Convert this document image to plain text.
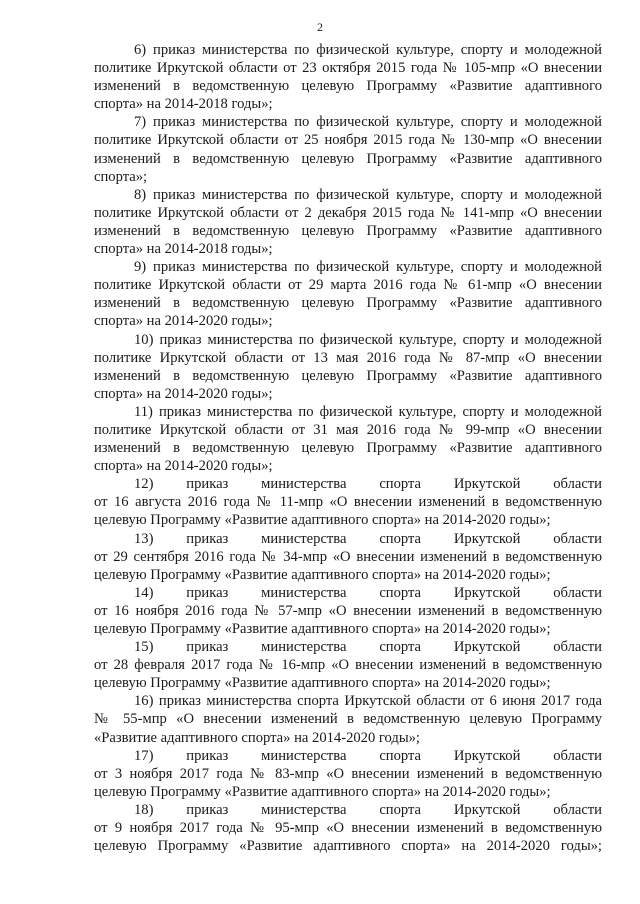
2
6) приказ министерства по физической культуре, спорту и молодежной
политике Иркутской области от 23 октября 2015 года № 105-мпр «О внесении
изменений в ведомственную целевую Программу «Развитие адаптивного
спорта» на 2014-2018 годы»;
7) приказ министерства по физической культуре, спорту и молодежной
политике Иркутской области от 25 ноября 2015 года № 130-мпр «О внесении
изменений в ведомственную целевую Программу «Развитие адаптивного
спорта»;
8) приказ министерства по физической культуре, спорту и молодежной
политике Иркутской области от 2 декабря 2015 года № 141-мпр «О внесении
изменений в ведомственную целевую Программу «Развитие адаптивного
спорта» на 2014-2018 годы»;
9) приказ министерства по физической культуре, спорту и молодежной
политике Иркутской области от 29 марта 2016 года № 61-мпр «О внесении
изменений в ведомственную целевую Программу «Развитие адаптивного
спорта» на 2014-2020 годы»;
10) приказ министерства по физической культуре, спорту и молодежной
политике Иркутской области от 13 мая 2016 года № 87-мпр «О внесении
изменений в ведомственную целевую Программу «Развитие адаптивного
спорта» на 2014-2020 годы»;
11) приказ министерства по физической культуре, спорту и молодежной
политике Иркутской области от 31 мая 2016 года № 99-мпр «О внесении
изменений в ведомственную целевую Программу «Развитие адаптивного
спорта» на 2014-2020 годы»;
12) приказ министерства спорта Иркутской области
от 16 августа 2016 года № 11-мпр «О внесении изменений в ведомственную
целевую Программу «Развитие адаптивного спорта» на 2014-2020 годы»;
13) приказ министерства спорта Иркутской области
от 29 сентября 2016 года № 34-мпр «О внесении изменений в ведомственную
целевую Программу «Развитие адаптивного спорта» на 2014-2020 годы»;
14) приказ министерства спорта Иркутской области
от 16 ноября 2016 года № 57-мпр «О внесении изменений в ведомственную
целевую Программу «Развитие адаптивного спорта» на 2014-2020 годы»;
15) приказ министерства спорта Иркутской области
от 28 февраля 2017 года № 16-мпр «О внесении изменений в ведомственную
целевую Программу «Развитие адаптивного спорта» на 2014-2020 годы»;
16) приказ министерства спорта Иркутской области от 6 июня 2017 года
№ 55-мпр «О внесении изменений в ведомственную целевую Программу
«Развитие адаптивного спорта» на 2014-2020 годы»;
17) приказ министерства спорта Иркутской области
от 3 ноября 2017 года № 83-мпр «О внесении изменений в ведомственную
целевую Программу «Развитие адаптивного спорта» на 2014-2020 годы»;
18) приказ министерства спорта Иркутской области
от 9 ноября 2017 года № 95-мпр «О внесении изменений в ведомственную
целевую Программу «Развитие адаптивного спорта» на 2014-2020 годы»;
